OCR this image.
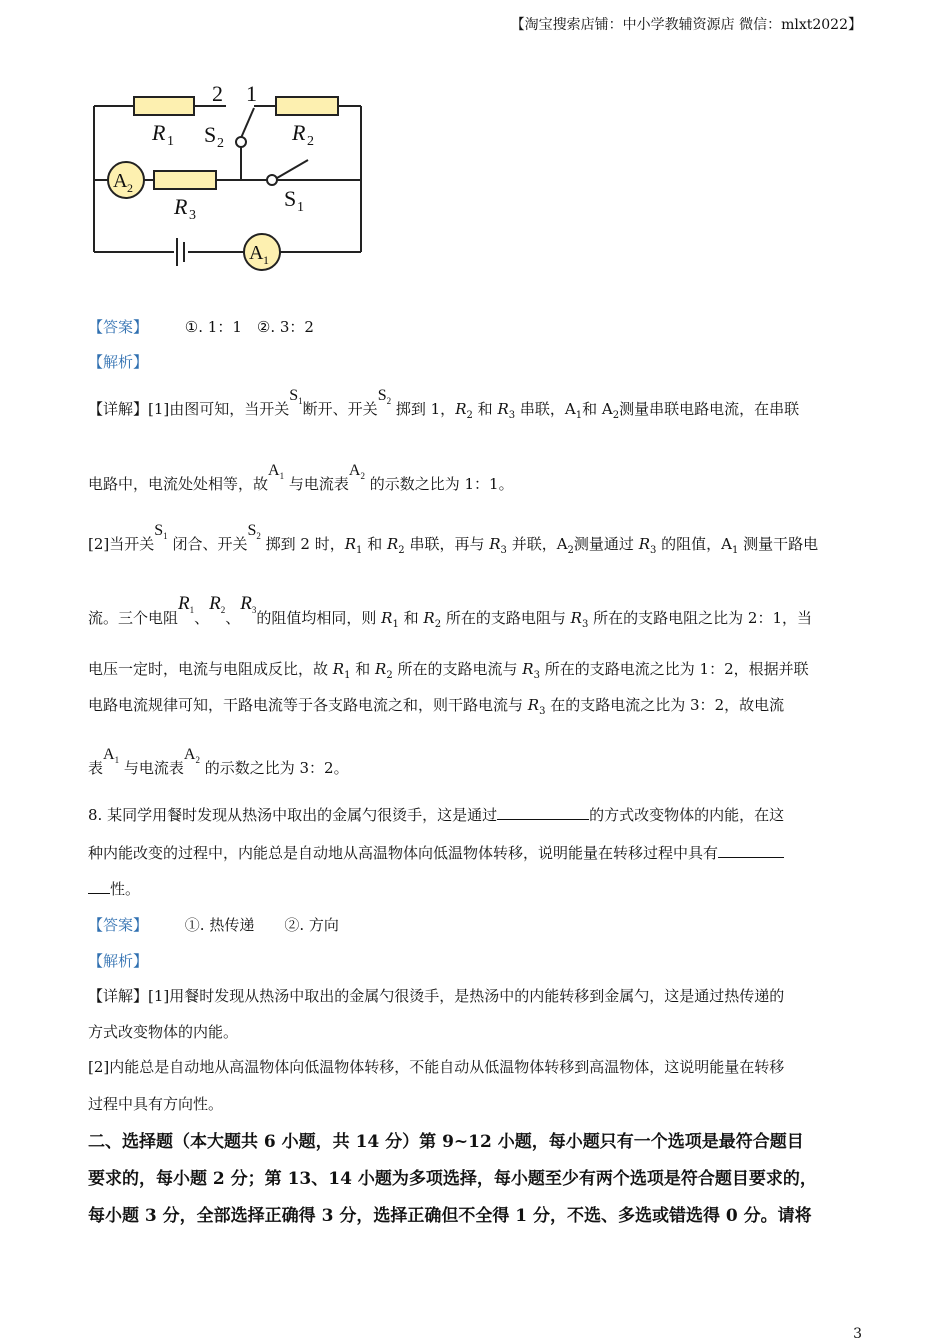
【淘宝搜索店铺：中小学教辅资源店 微信：mlxt2022】
2 1
R 1	R 2
R 3
S 2
S 1
A 2
A 1
【答案】 ①. 1：1　②. 3：2
【解析】
【详解】[1]由图可知，当开关$S_1$断开、开关$S_2$ 掷到 1，$R_2$ 和 $R_3$ 串联，$A_1$和 $A_2$测量串联电路电流，在串联
电路中，电流处处相等，故$A_1$ 与电流表$A_2$ 的示数之比为 1：1。
[2]当开关$S_1$ 闭合、开关$S_2$ 掷到 2 时，$R_1$ 和 $R_2$ 串联，再与 $R_3$ 并联，$A_2$测量通过 $R_3$ 的阻值，$A_1$ 测量干路电
流。三个电阻$R_1$、$R_2$、$R_3$的阻值均相同，则 $R_1$ 和 $R_2$ 所在的支路电阻与 $R_3$ 所在的支路电阻之比为 2：1，当
电压一定时，电流与电阻成反比，故 $R_1$ 和 $R_2$ 所在的支路电流与 $R_3$ 所在的支路电流之比为 1：2，根据并联
电路电流规律可知，干路电流等于各支路电流之和，则干路电流与 $R_3$ 在的支路电流之比为 3：2，故电流
表$A_1$ 与电流表$A_2$ 的示数之比为 3：2。
8. 某同学用餐时发现从热汤中取出的金属勺很烫手，这是通过	的方式改变物体的内能，在这
种内能改变的过程中，内能总是自动地从高温物体向低温物体转移，说明能量在转移过程中具有
性。
【答案】 ①. 热传递　　②. 方向
【解析】
【详解】[1]用餐时发现从热汤中取出的金属勺很烫手，是热汤中的内能转移到金属勺，这是通过热传递的
方式改变物体的内能。
[2]内能总是自动地从高温物体向低温物体转移，不能自动从低温物体转移到高温物体，这说明能量在转移
过程中具有方向性。
二、选择题（本大题共 6 小题，共 14 分）第 9~12 小题，每小题只有一个选项是最符合题目
要求的，每小题 2 分；第 13、14 小题为多项选择，每小题至少有两个选项是符合题目要求的，
每小题 3 分，全部选择正确得 3 分，选择正确但不全得 1 分，不选、多选或错选得 0 分。请将
3
